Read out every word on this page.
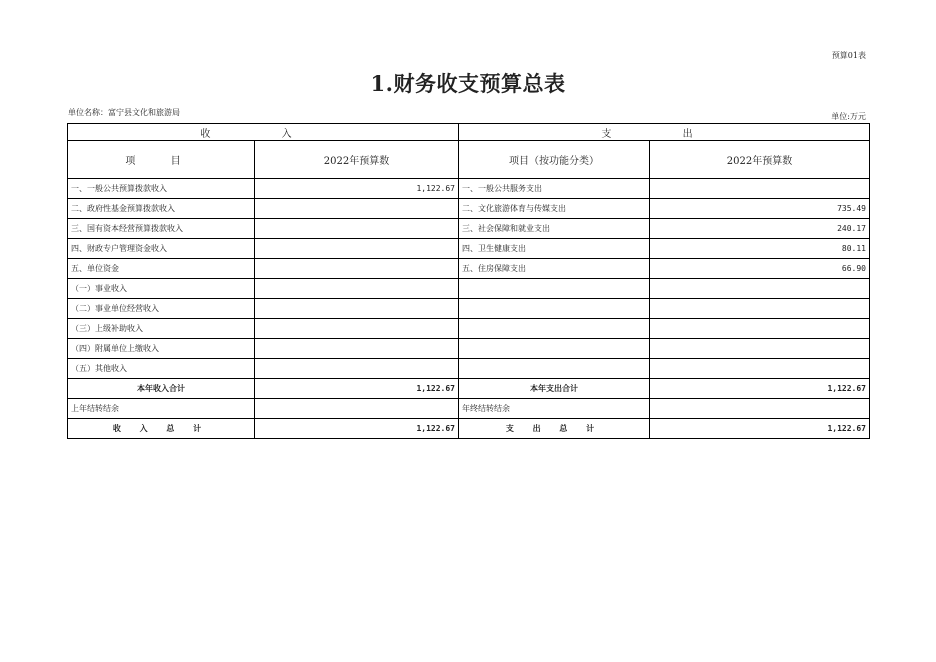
预算01表
1.财务收支预算总表
单位名称：富宁县文化和旅游局	单位:万元
收 入		支 出	
项 目	2022年预算数	项目（按功能分类）	2022年预算数
一、一般公共预算拨款收入	1,122.67	一、一般公共服务支出	
二、政府性基金预算拨款收入		二、文化旅游体育与传媒支出	735.49
三、国有资本经营预算拨款收入		三、社会保障和就业支出	240.17
四、财政专户管理资金收入		四、卫生健康支出	80.11
五、单位资金		五、住房保障支出	66.90
（一）事业收入			
（二）事业单位经营收入			
（三）上级补助收入			
（四）附属单位上缴收入			
（五）其他收入			
本年收入合计	1,122.67	本年支出合计	1,122.67
上年结转结余		年终结转结余	
收 入 总 计	1,122.67	支 出 总 计	1,122.67
